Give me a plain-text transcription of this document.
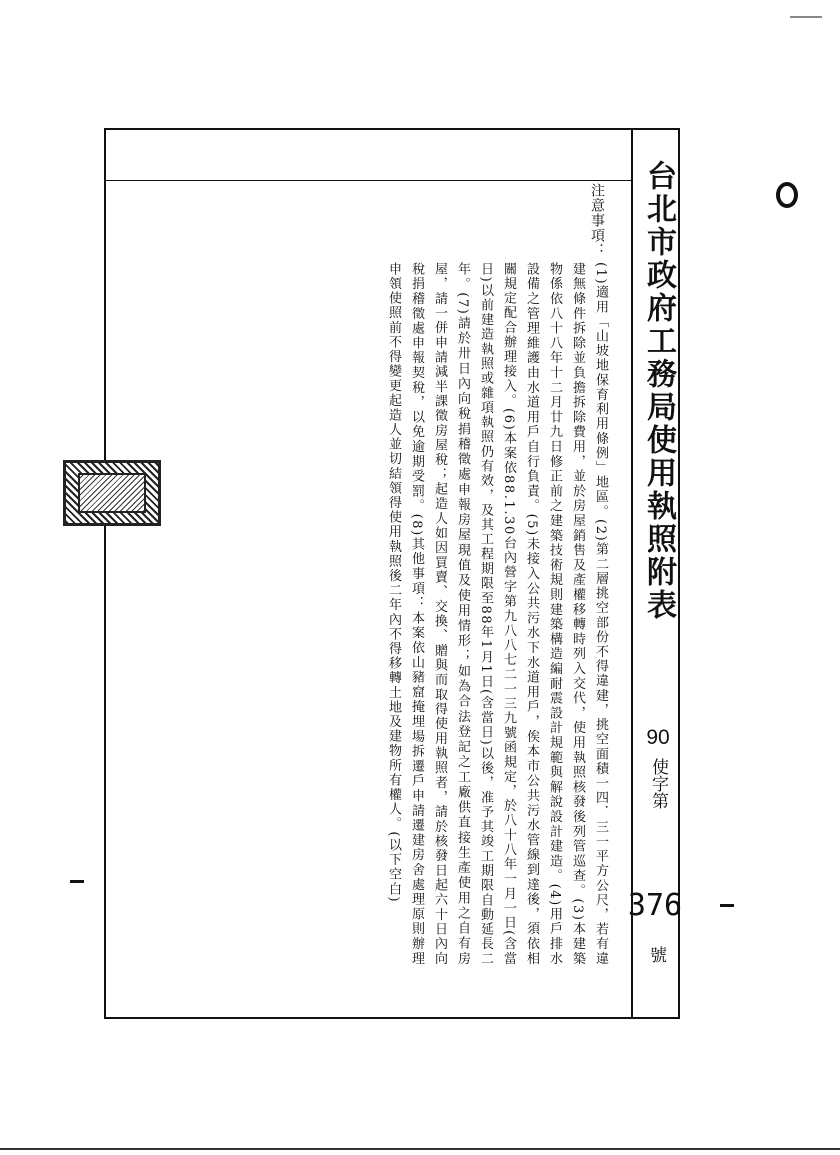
台北市政府工務局使用執照附表
90
使字第
376
號
注意事項：
(1)適用「山坡地保育利用條例」地區。(2)第二層挑空部份不得違建，挑空面積一四．三一平方公尺，若有違建無條件拆除並負擔拆除費用，並於房屋銷售及產權移轉時列入交代，使用執照核發後列管巡查。(3)本建築物係依八十八年十二月廿九日修正前之建築技術規則建築構造編耐震設計規範與解說設計建造。(4)用戶排水設備之管理維護由水道用戶自行負責。(5)未接入公共污水下水道用戶，俟本市公共污水管線到達後，須依相關規定配合辦理接入。(6)本案依88.1.30台內營字第九八八七二一三九號函規定，於八十八年一月一日(含當日)以前建造執照或雜項執照仍有效，及其工程期限至88年1月1日(含當日)以後，准予其竣工期限自動延長二年。(7)請於卅日內向稅捐稽徵處申報房屋現值及使用情形；如為合法登記之工廠供直接生產使用之自有房屋，請一併申請減半課徵房屋稅；起造人如因買賣、交換、贈與而取得使用執照者，請於核發日起六十日內向稅捐稽徵處申報契稅，以免逾期受罰。(8)其他事項：本案依山豬窟掩埋場拆遷戶申請遷建房舍處理原則辦理申領使照前不得變更起造人並切結領得使用執照後二年內不得移轉土地及建物所有權人。(以下空白)
